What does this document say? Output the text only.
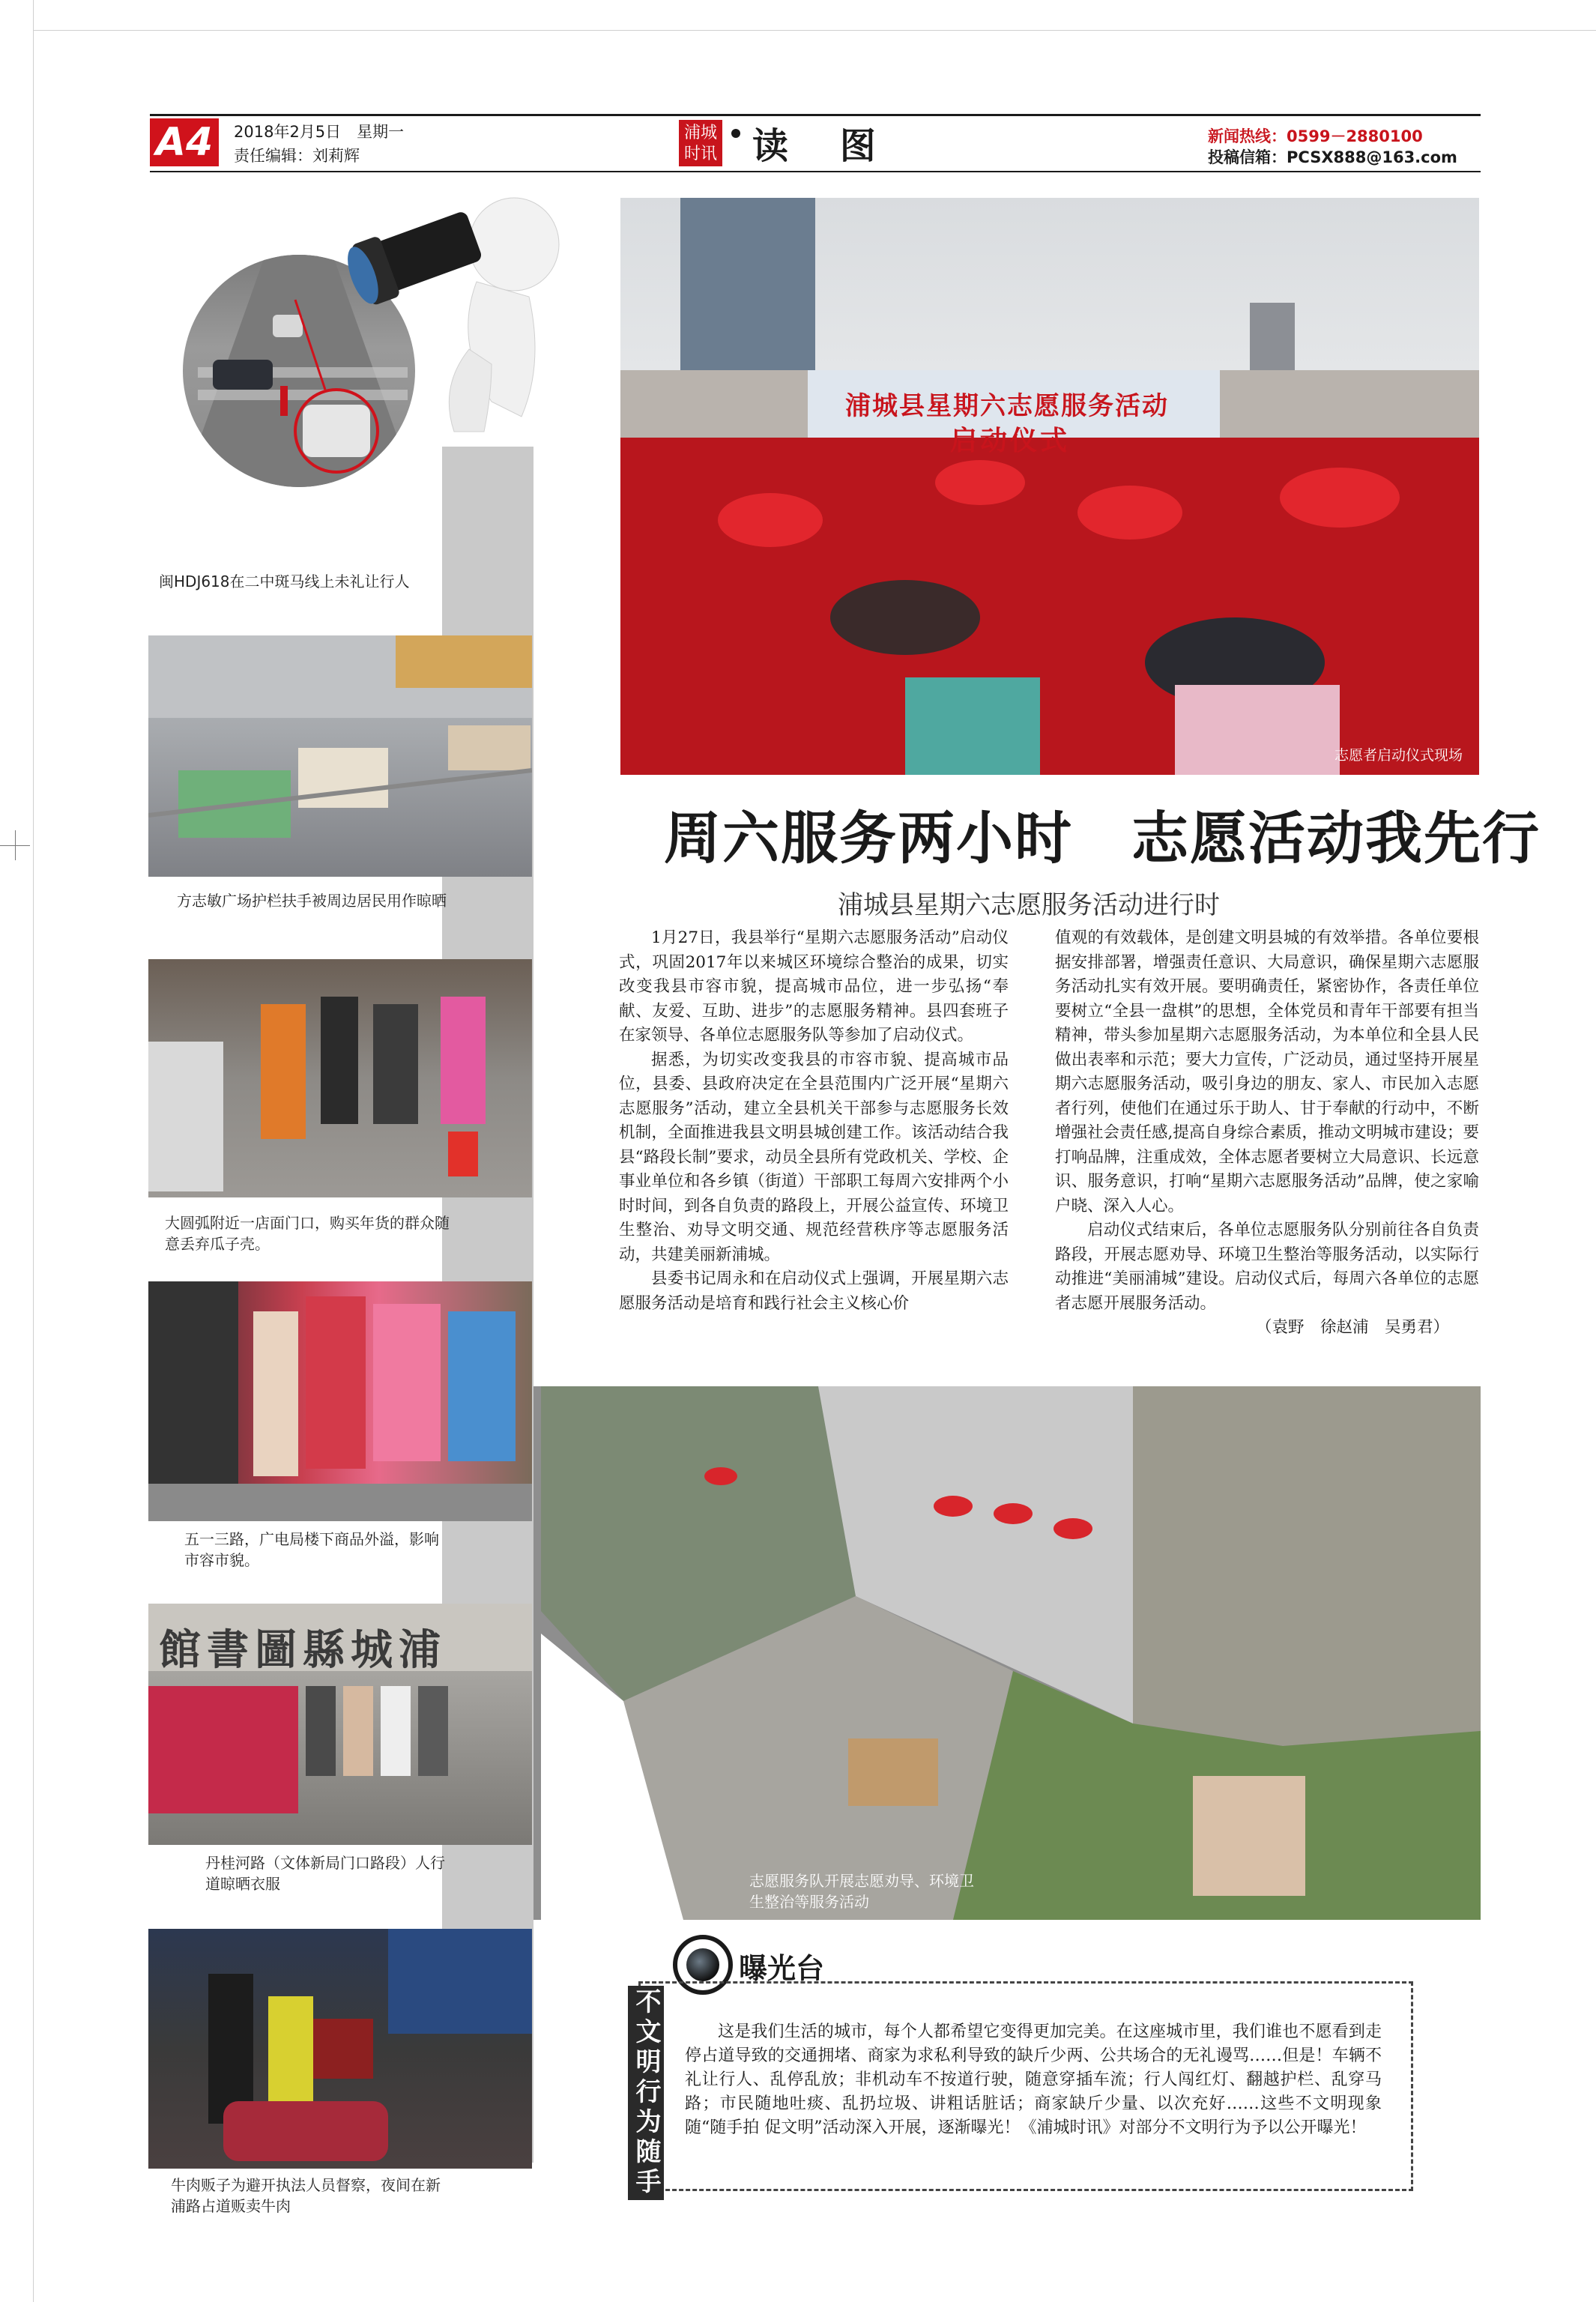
A4	2018年2月5日　星期一
责任编辑：刘莉辉
浦城时讯 读 图	新闻热线：0599－2880100
投稿信箱：PCSX888@163.com
闽HDJ618在二中斑马线上未礼让行人
方志敏广场护栏扶手被周边居民用作晾晒
大圆弧附近一店面门口，购买年货的群众随意丢弃瓜子壳。
五一三路，广电局楼下商品外溢，影响市容市貌。
館書圖縣城浦
丹桂河路（文体新局门口路段）人行道晾晒衣服
牛肉贩子为避开执法人员督察，夜间在新浦路占道贩卖牛肉
浦城县星期六志愿服务活动
启动仪式
志愿者启动仪式现场
周六服务两小时　志愿活动我先行
浦城县星期六志愿服务活动进行时

1月27日，我县举行“星期六志愿服务活动”启动仪式，巩固2017年以来城区环境综合整治的成果，切实改变我县市容市貌，提高城市品位，进一步弘扬“奉献、友爱、互助、进步”的志愿服务精神。县四套班子在家领导、各单位志愿服务队等参加了启动仪式。

据悉，为切实改变我县的市容市貌、提高城市品位，县委、县政府决定在全县范围内广泛开展“星期六志愿服务”活动，建立全县机关干部参与志愿服务长效机制，全面推进我县文明县城创建工作。该活动结合我县“路段长制”要求，动员全县所有党政机关、学校、企事业单位和各乡镇（街道）干部职工每周六安排两个小时时间，到各自负责的路段上，开展公益宣传、环境卫生整治、劝导文明交通、规范经营秩序等志愿服务活动，共建美丽新浦城。

县委书记周永和在启动仪式上强调，开展星期六志愿服务活动是培育和践行社会主义核心价

值观的有效载体，是创建文明县城的有效举措。各单位要根据安排部署，增强责任意识、大局意识，确保星期六志愿服务活动扎实有效开展。要明确责任，紧密协作，各责任单位要树立“全县一盘棋”的思想，全体党员和青年干部要有担当精神，带头参加星期六志愿服务活动，为本单位和全县人民做出表率和示范；要大力宣传，广泛动员，通过坚持开展星期六志愿服务活动，吸引身边的朋友、家人、市民加入志愿者行列，使他们在通过乐于助人、甘于奉献的行动中，不断增强社会责任感,提高自身综合素质，推动文明城市建设；要打响品牌，注重成效，全体志愿者要树立大局意识、长远意识、服务意识，打响“星期六志愿服务活动”品牌，使之家喻户晓、深入人心。

启动仪式结束后，各单位志愿服务队分别前往各自负责路段，开展志愿劝导、环境卫生整治等服务活动，以实际行动推进“美丽浦城”建设。启动仪式后，每周六各单位的志愿者志愿开展服务活动。

（袁野　徐赵浦　吴勇君）
志愿服务队开展志愿劝导、环境卫生整治等服务活动
曝光台
不文明行为随手拍
这是我们生活的城市，每个人都希望它变得更加完美。在这座城市里，我们谁也不愿看到走停占道导致的交通拥堵、商家为求私利导致的缺斤少两、公共场合的无礼谩骂……但是！车辆不礼让行人、乱停乱放；非机动车不按道行驶，随意穿插车流；行人闯红灯、翻越护栏、乱穿马路；市民随地吐痰、乱扔垃圾、讲粗话脏话；商家缺斤少量、以次充好……这些不文明现象随“随手拍 促文明”活动深入开展，逐渐曝光！《浦城时讯》对部分不文明行为予以公开曝光！
